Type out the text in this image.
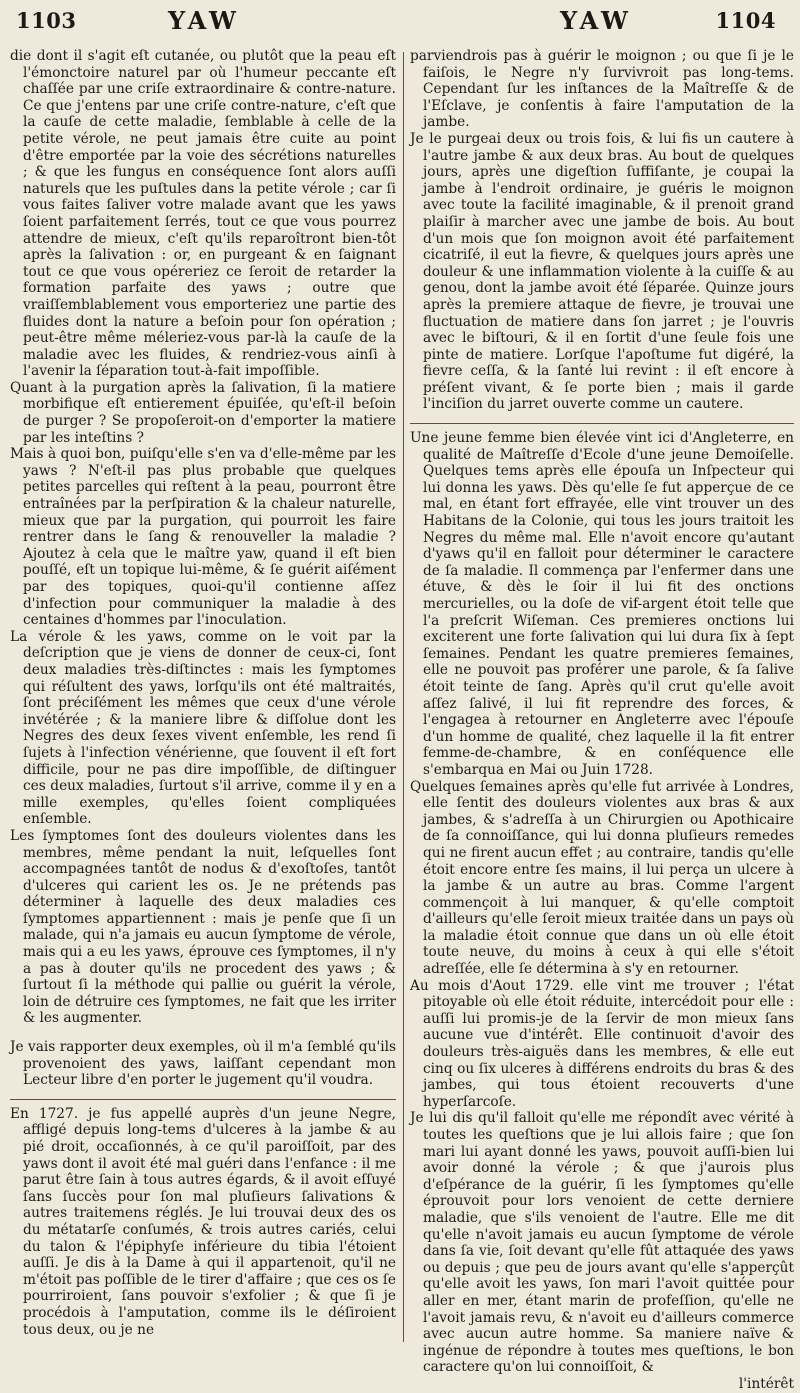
1103	YAW	YAW	1104

die dont il s'agit eſt cutanée, ou plutôt que la peau eſt l'émonctoire naturel par où l'humeur peccante eſt chaſſée par une criſe extraordinaire & contre-nature. Ce que j'entens par une criſe contre-nature, c'eſt que la cauſe de cette maladie, ſemblable à celle de la petite vérole, ne peut jamais être cuite au point d'être emportée par la voie des sécrétions naturelles ; & que les fungus en conséquence ſont alors auſſi naturels que les puſtules dans la petite vérole ; car ſi vous faites ſaliver votre malade avant que les yaws ſoient parfaitement ſerrés, tout ce que vous pourrez attendre de mieux, c'eſt qu'ils reparoîtront bien-tôt après la ſalivation : or, en purgeant & en ſaignant tout ce que vous opéreriez ce ſeroit de retarder la formation parfaite des yaws ; outre que vraiſſemblablement vous emporteriez une partie des fluides dont la nature a beſoin pour ſon opération ; peut-être même méleriez-vous par-là la cauſe de la maladie avec les fluides, & rendriez-vous ainſi à l'avenir la ſéparation tout-à-fait impoſſible.

Quant à la purgation après la ſalivation, ſi la matiere morbifique eſt entierement épuiſée, qu'eſt-il beſoin de purger ? Se propoſeroit-on d'emporter la matiere par les inteſtins ?

Mais à quoi bon, puiſqu'elle s'en va d'elle-même par les yaws ? N'eſt-il pas plus probable que quelques petites parcelles qui reſtent à la peau, pourront être entraînées par la perſpiration & la chaleur naturelle, mieux que par la purgation, qui pourroit les faire rentrer dans le ſang & renouveller la maladie ? Ajoutez à cela que le maître yaw, quand il eſt bien pouſſé, eſt un topique lui-même, & ſe guérit aiſément par des topiques, quoi-qu'il contienne aſſez d'infection pour communiquer la maladie à des centaines d'hommes par l'inoculation.

La vérole & les yaws, comme on le voit par la deſcription que je viens de donner de ceux-ci, ſont deux maladies très-diſtinctes : mais les ſymptomes qui réſultent des yaws, lorſqu'ils ont été maltraités, ſont préciſément les mêmes que ceux d'une vérole invétérée ; & la maniere libre & diſſolue dont les Negres des deux ſexes vivent enſemble, les rend ſi ſujets à l'infection vénérienne, que ſouvent il eſt fort difficile, pour ne pas dire impoſſible, de diſtinguer ces deux maladies, ſurtout s'il arrive, comme il y en a mille exemples, qu'elles ſoient compliquées enſemble.

Les ſymptomes ſont des douleurs violentes dans les membres, même pendant la nuit, leſquelles ſont accompagnées tantôt de nodus & d'exoſtoſes, tantôt d'ulceres qui carient les os. Je ne prétends pas déterminer à laquelle des deux maladies ces ſymptomes appartiennent : mais je penſe que ſi un malade, qui n'a jamais eu aucun ſymptome de vérole, mais qui a eu les yaws, éprouve ces ſymptomes, il n'y a pas à douter qu'ils ne procedent des yaws ; & ſurtout ſi la méthode qui pallie ou guérit la vérole, loin de détruire ces ſymptomes, ne fait que les irriter & les augmenter.

Je vais rapporter deux exemples, où il m'a ſemblé qu'ils provenoient des yaws, laiſſant cependant mon Lecteur libre d'en porter le jugement qu'il voudra.

En 1727. je fus appellé auprès d'un jeune Negre, affligé depuis long-tems d'ulceres à la jambe & au pié droit, occaſionnés, à ce qu'il paroiſſoit, par des yaws dont il avoit été mal guéri dans l'enfance : il me parut être ſain à tous autres égards, & il avoit eſſuyé ſans ſuccès pour ſon mal pluſieurs ſalivations & autres traitemens réglés. Je lui trouvai deux des os du métatarſe conſumés, & trois autres cariés, celui du talon & l'épiphyſe inférieure du tibia l'étoient auſſi. Je dis à la Dame à qui il appartenoit, qu'il ne m'étoit pas poſſible de le tirer d'affaire ; que ces os ſe pourriroient, ſans pouvoir s'exfolier ; & que ſi je procédois à l'amputation, comme ils le déſiroient tous deux, ou je ne

parviendrois pas à guérir le moignon ; ou que ſi je le faiſois, le Negre n'y ſurvivroit pas long-tems. Cependant ſur les inſtances de la Maîtreſſe & de l'Eſclave, je conſentis à faire l'amputation de la jambe.

Je le purgeai deux ou trois fois, & lui fis un cautere à l'autre jambe & aux deux bras. Au bout de quelques jours, après une digeſtion ſuffiſante, je coupai la jambe à l'endroit ordinaire, je guéris le moignon avec toute la facilité imaginable, & il prenoit grand plaiſir à marcher avec une jambe de bois. Au bout d'un mois que ſon moignon avoit été parfaitement cicatriſé, il eut la fievre, & quelques jours après une douleur & une inflammation violente à la cuiſſe & au genou, dont la jambe avoit été ſéparée. Quinze jours après la premiere attaque de fievre, je trouvai une fluctuation de matiere dans ſon jarret ; je l'ouvris avec le biſtouri, & il en ſortit d'une ſeule fois une pinte de matiere. Lorſque l'apoſtume fut digéré, la fievre ceſſa, & la ſanté lui revint : il eſt encore à préſent vivant, & ſe porte bien ; mais il garde l'inciſion du jarret ouverte comme un cautere.

Une jeune femme bien élevée vint ici d'Angleterre, en qualité de Maîtreſſe d'Ecole d'une jeune Demoiſelle. Quelques tems après elle épouſa un Inſpecteur qui lui donna les yaws. Dès qu'elle ſe fut apperçue de ce mal, en étant fort effrayée, elle vint trouver un des Habitans de la Colonie, qui tous les jours traitoit les Negres du même mal. Elle n'avoit encore qu'autant d'yaws qu'il en falloit pour déterminer le caractere de ſa maladie. Il commença par l'enfermer dans une étuve, & dès le ſoir il lui fit des onctions mercurielles, ou la doſe de vif-argent étoit telle que l'a preſcrit Wiſeman. Ces premieres onctions lui exciterent une forte ſalivation qui lui dura ſix à ſept ſemaines. Pendant les quatre premieres ſemaines, elle ne pouvoit pas proférer une parole, & ſa ſalive étoit teinte de ſang. Après qu'il crut qu'elle avoit aſſez ſalivé, il lui fit reprendre des forces, & l'engagea à retourner en Angleterre avec l'épouſe d'un homme de qualité, chez laquelle il la fit entrer femme-de-chambre, & en conſéquence elle s'embarqua en Mai ou Juin 1728.

Quelques ſemaines après qu'elle fut arrivée à Londres, elle ſentit des douleurs violentes aux bras & aux jambes, & s'adreſſa à un Chirurgien ou Apothicaire de ſa connoiſſance, qui lui donna pluſieurs remedes qui ne firent aucun effet ; au contraire, tandis qu'elle étoit encore entre ſes mains, il lui perça un ulcere à la jambe & un autre au bras. Comme l'argent commençoit à lui manquer, & qu'elle comptoit d'ailleurs qu'elle ſeroit mieux traitée dans un pays où la maladie étoit connue que dans un où elle étoit toute neuve, du moins à ceux à qui elle s'étoit adreſſée, elle ſe détermina à s'y en retourner.

Au mois d'Aout 1729. elle vint me trouver ; l'état pitoyable où elle étoit réduite, intercédoit pour elle : auſſi lui promis-je de la ſervir de mon mieux ſans aucune vue d'intérêt. Elle continuoit d'avoir des douleurs très-aiguës dans les membres, & elle eut cinq ou ſix ulceres à différens endroits du bras & des jambes, qui tous étoient recouverts d'une hyperſarcoſe.

Je lui dis qu'il falloit qu'elle me répondît avec vérité à toutes les queſtions que je lui allois faire ; que ſon mari lui ayant donné les yaws, pouvoit auſſi-bien lui avoir donné la vérole ; & que j'aurois plus d'eſpérance de la guérir, ſi les ſymptomes qu'elle éprouvoit pour lors venoient de cette derniere maladie, que s'ils venoient de l'autre. Elle me dit qu'elle n'avoit jamais eu aucun ſymptome de vérole dans ſa vie, ſoit devant qu'elle fût attaquée des yaws ou depuis ; que peu de jours avant qu'elle s'apperçût qu'elle avoit les yaws, ſon mari l'avoit quittée pour aller en mer, étant marin de profeſſion, qu'elle ne l'avoit jamais revu, & n'avoit eu d'ailleurs commerce avec aucun autre homme. Sa maniere naïve & ingénue de répondre à toutes mes queſtions, le bon caractere qu'on lui connoiſſoit, &

l'intérêt
